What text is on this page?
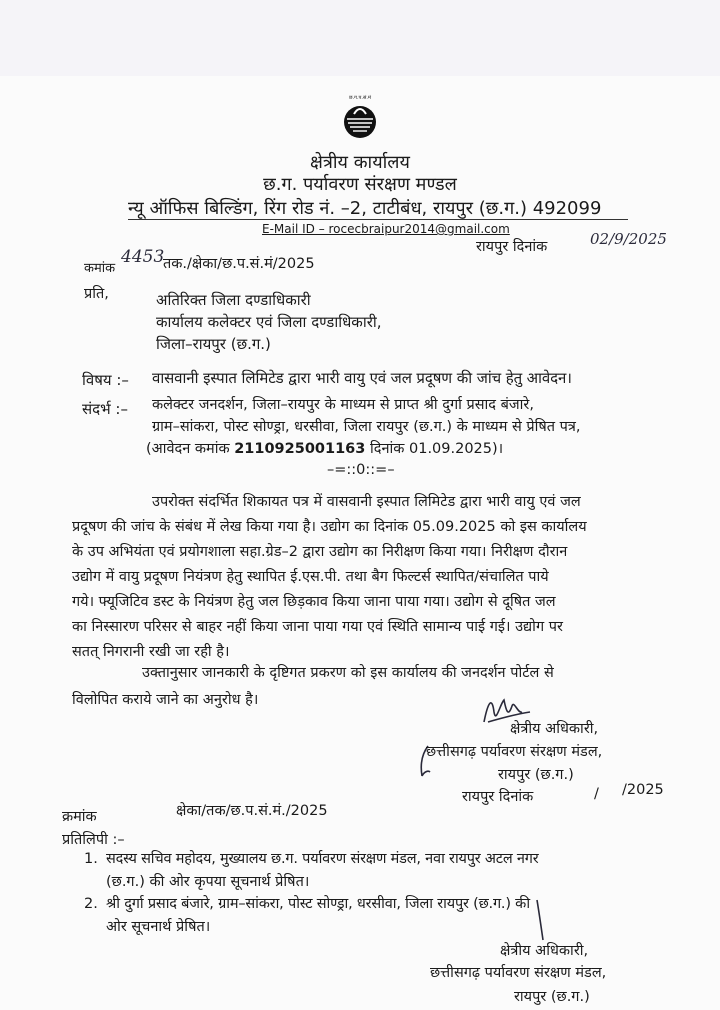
छ.ग.प.सं.मं
क्षेत्रीय कार्यालय
छ.ग. पर्यावरण संरक्षण मण्डल
न्यू ऑफिस बिल्डिंग, रिंग रोड नं. –2, टाटीबंध, रायपुर (छ.ग.) 492099
E-Mail ID – rocecbraipur2014@gmail.com
कमांक
4453
तक./क्षेका/छ.प.सं.मं/2025
रायपुर दिनांक	02/9/2025
प्रति,	अतिरिक्त जिला दण्डाधिकारी
कार्यालय कलेक्टर एवं जिला दण्डाधिकारी,
जिला–रायपुर (छ.ग.)
विषय :– वासवानी इस्पात लिमिटेड द्वारा भारी वायु एवं जल प्रदूषण की जांच हेतु आवेदन।
संदर्भ :– कलेक्टर जनदर्शन, जिला–रायपुर के माध्यम से प्राप्त श्री दुर्गा प्रसाद बंजारे,
ग्राम–सांकरा, पोस्ट सोण्ड्रा, धरसीवा, जिला रायपुर (छ.ग.) के माध्यम से प्रेषित पत्र,
(आवेदन कमांक 2110925001163 दिनांक 01.09.2025)।
–=::0::=–
उपरोक्त संदर्भित शिकायत पत्र में वासवानी इस्पात लिमिटेड द्वारा भारी वायु एवं जल
प्रदूषण की जांच के संबंध में लेख किया गया है। उद्योग का दिनांक 05.09.2025 को इस कार्यालय
के उप अभियंता एवं प्रयोगशाला सहा.ग्रेड–2 द्वारा उद्योग का निरीक्षण किया गया। निरीक्षण दौरान
उद्योग में वायु प्रदूषण नियंत्रण हेतु स्थापित ई.एस.पी. तथा बैग फिल्टर्स स्थापित/संचालित पाये
गये। फ्यूजिटिव डस्ट के नियंत्रण हेतु जल छिड़काव किया जाना पाया गया। उद्योग से दूषित जल
का निस्सारण परिसर से बाहर नहीं किया जाना पाया गया एवं स्थिति सामान्य पाई गई। उद्योग पर
सतत् निगरानी रखी जा रही है।
उक्तानुसार जानकारी के दृष्टिगत प्रकरण को इस कार्यालय की जनदर्शन पोर्टल से
विलोपित कराये जाने का अनुरोध है।
क्षेत्रीय अधिकारी,
छत्तीसगढ़ पर्यावरण संरक्षण मंडल,
रायपुर (छ.ग.)
रायपुर दिनांक	/ /2025
क्रमांक	क्षेका/तक/छ.प.सं.मं./2025
प्रतिलिपी :–
1. सदस्य सचिव महोदय, मुख्यालय छ.ग. पर्यावरण संरक्षण मंडल, नवा रायपुर अटल नगर
(छ.ग.) की ओर कृपया सूचनार्थ प्रेषित।
2. श्री दुर्गा प्रसाद बंजारे, ग्राम–सांकरा, पोस्ट सोण्ड्रा, धरसीवा, जिला रायपुर (छ.ग.) की
ओर सूचनार्थ प्रेषित।
क्षेत्रीय अधिकारी,
छत्तीसगढ़ पर्यावरण संरक्षण मंडल,
रायपुर (छ.ग.)
